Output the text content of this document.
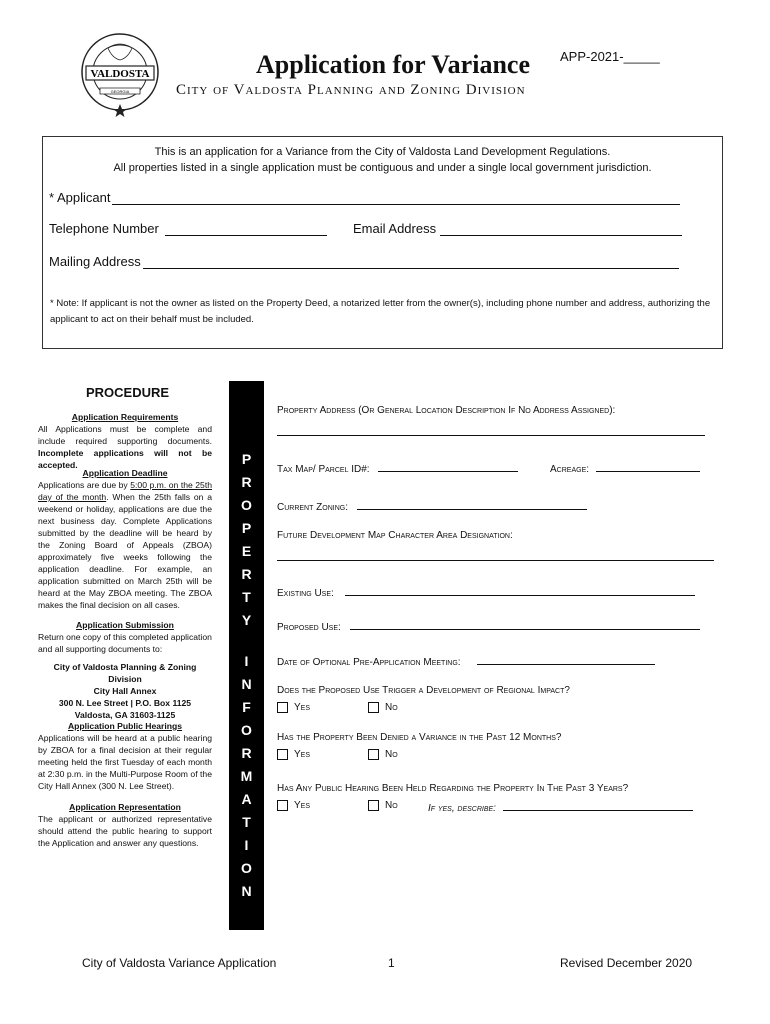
VALDOSTA
GEORGIA
Application for Variance APP-2021-_____
City of Valdosta Planning and Zoning Division
This is an application for a Variance from the City of Valdosta Land Development Regulations.
All properties listed in a single application must be contiguous and under a single local government jurisdiction.
* Applicant
Telephone Number	Email Address
Mailing Address
* Note: If applicant is not the owner as listed on the Property Deed, a notarized letter from the owner(s), including phone number and address, authorizing the applicant to act on their behalf must be included.
PROCEDURE
Application Requirements
All Applications must be complete and include required supporting documents. Incomplete applications will not be accepted.
Application Deadline
Applications are due by 5:00 p.m. on the 25th day of the month. When the 25th falls on a weekend or holiday, applications are due the next business day. Complete Applications submitted by the deadline will be heard by the Zoning Board of Appeals (ZBOA) approximately five weeks following the application deadline. For example, an application submitted on March 25th will be heard at the May ZBOA meeting. The ZBOA makes the final decision on all cases.
Application Submission
Return one copy of this completed application and all supporting documents to:
City of Valdosta Planning & Zoning Division
City Hall Annex
300 N. Lee Street | P.O. Box 1125
Valdosta, GA 31603-1125
Application Public Hearings
Applications will be heard at a public hearing by ZBOA for a final decision at their regular meeting held the first Tuesday of each month at 2:30 p.m. in the Multi-Purpose Room of the City Hall Annex (300 N. Lee Street).
Application Representation
The applicant or authorized representative should attend the public hearing to support the Application and answer any questions.
P
R
O
P
E
R
T
Y
I
N
F
O
R
M
A
T
I
O
N
Property Address (Or General Location Description If No Address Assigned):
Tax Map/ Parcel ID#:	Acreage:
Current Zoning:
Future Development Map Character Area Designation:
Existing Use:
Proposed Use:
Date of Optional Pre-Application Meeting:
Does the Proposed Use Trigger a Development of Regional Impact?
Yes	No
Has the Property Been Denied a Variance in the Past 12 Months?
Yes	No
Has Any Public Hearing Been Held Regarding the Property In The Past 3 Years?
Yes	No	If yes, describe:
City of Valdosta Variance Application	1	Revised December 2020
